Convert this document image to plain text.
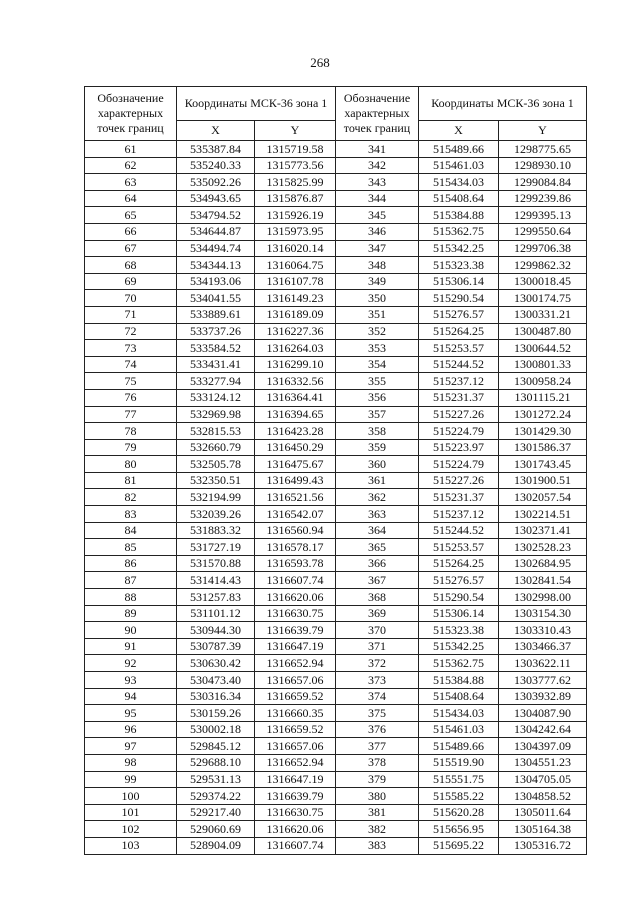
268
Обозначение характерных точек границ	Координаты МСК-36 зона 1		Обозначение характерных точек границ	Координаты МСК-36 зона 1	
	X	Y		X	Y
61	535387.84	1315719.58	341	515489.66	1298775.65
62	535240.33	1315773.56	342	515461.03	1298930.10
63	535092.26	1315825.99	343	515434.03	1299084.84
64	534943.65	1315876.87	344	515408.64	1299239.86
65	534794.52	1315926.19	345	515384.88	1299395.13
66	534644.87	1315973.95	346	515362.75	1299550.64
67	534494.74	1316020.14	347	515342.25	1299706.38
68	534344.13	1316064.75	348	515323.38	1299862.32
69	534193.06	1316107.78	349	515306.14	1300018.45
70	534041.55	1316149.23	350	515290.54	1300174.75
71	533889.61	1316189.09	351	515276.57	1300331.21
72	533737.26	1316227.36	352	515264.25	1300487.80
73	533584.52	1316264.03	353	515253.57	1300644.52
74	533431.41	1316299.10	354	515244.52	1300801.33
75	533277.94	1316332.56	355	515237.12	1300958.24
76	533124.12	1316364.41	356	515231.37	1301115.21
77	532969.98	1316394.65	357	515227.26	1301272.24
78	532815.53	1316423.28	358	515224.79	1301429.30
79	532660.79	1316450.29	359	515223.97	1301586.37
80	532505.78	1316475.67	360	515224.79	1301743.45
81	532350.51	1316499.43	361	515227.26	1301900.51
82	532194.99	1316521.56	362	515231.37	1302057.54
83	532039.26	1316542.07	363	515237.12	1302214.51
84	531883.32	1316560.94	364	515244.52	1302371.41
85	531727.19	1316578.17	365	515253.57	1302528.23
86	531570.88	1316593.78	366	515264.25	1302684.95
87	531414.43	1316607.74	367	515276.57	1302841.54
88	531257.83	1316620.06	368	515290.54	1302998.00
89	531101.12	1316630.75	369	515306.14	1303154.30
90	530944.30	1316639.79	370	515323.38	1303310.43
91	530787.39	1316647.19	371	515342.25	1303466.37
92	530630.42	1316652.94	372	515362.75	1303622.11
93	530473.40	1316657.06	373	515384.88	1303777.62
94	530316.34	1316659.52	374	515408.64	1303932.89
95	530159.26	1316660.35	375	515434.03	1304087.90
96	530002.18	1316659.52	376	515461.03	1304242.64
97	529845.12	1316657.06	377	515489.66	1304397.09
98	529688.10	1316652.94	378	515519.90	1304551.23
99	529531.13	1316647.19	379	515551.75	1304705.05
100	529374.22	1316639.79	380	515585.22	1304858.52
101	529217.40	1316630.75	381	515620.28	1305011.64
102	529060.69	1316620.06	382	515656.95	1305164.38
103	528904.09	1316607.74	383	515695.22	1305316.72
